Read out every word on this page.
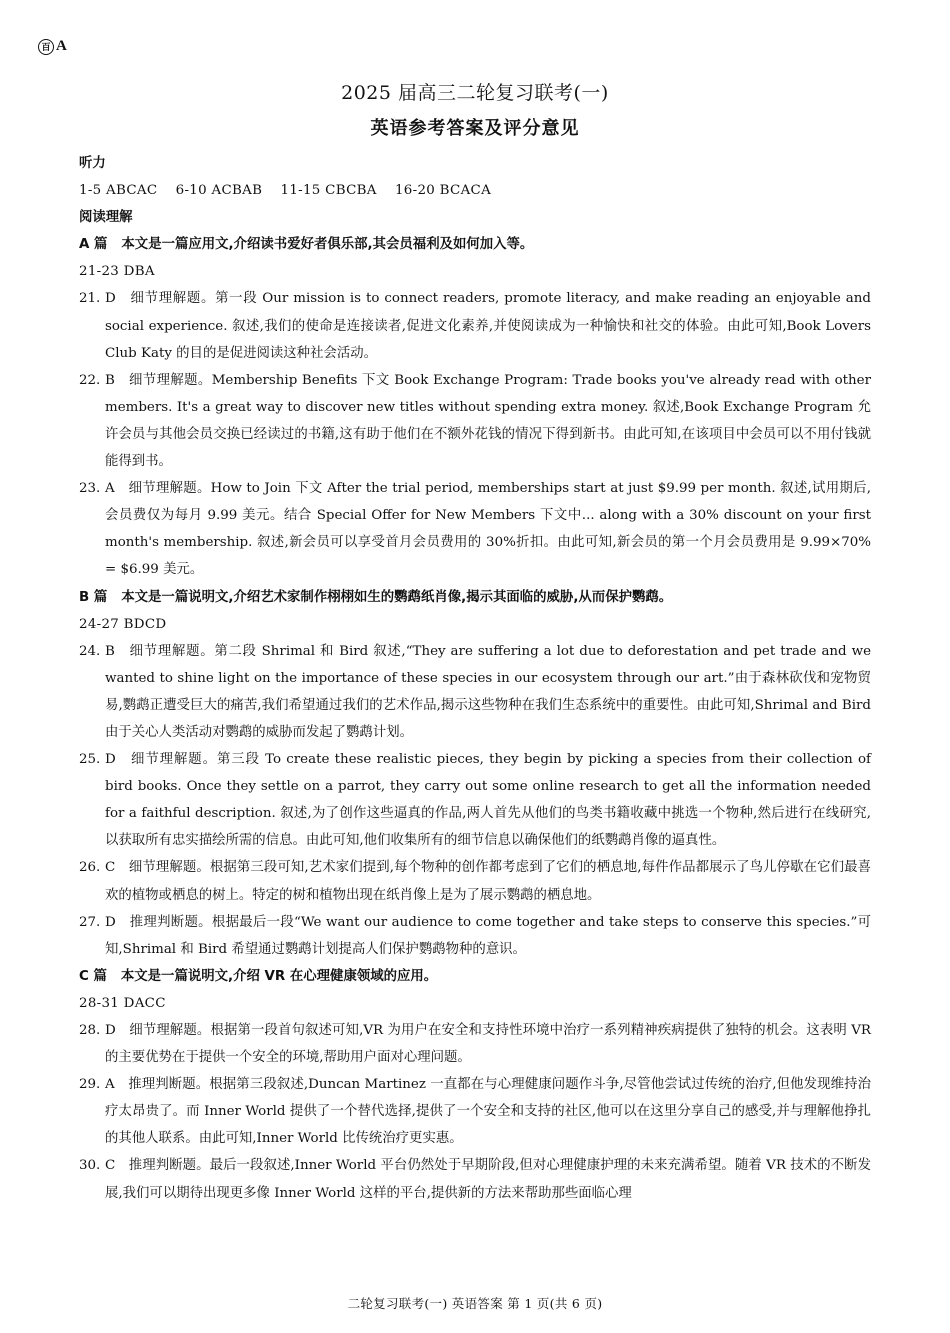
百 A
2025 届高三二轮复习联考(一)
英语参考答案及评分意见
听力
1-5 ABCAC    6-10 ACBAB    11-15 CBCBA    16-20 BCACA
阅读理解
A 篇 本文是一篇应用文,介绍读书爱好者俱乐部,其会员福利及如何加入等。
21-23 DBA
21. D　细节理解题。第一段 Our mission is to connect readers, promote literacy, and make reading an enjoyable and social experience. 叙述,我们的使命是连接读者,促进文化素养,并使阅读成为一种愉快和社交的体验。由此可知,Book Lovers Club Katy 的目的是促进阅读这种社会活动。
22. B　细节理解题。Membership Benefits 下文 Book Exchange Program: Trade books you've already read with other members. It's a great way to discover new titles without spending extra money. 叙述,Book Exchange Program 允许会员与其他会员交换已经读过的书籍,这有助于他们在不额外花钱的情况下得到新书。由此可知,在该项目中会员可以不用付钱就能得到书。
23. A　细节理解题。How to Join 下文 After the trial period, memberships start at just $9.99 per month. 叙述,试用期后,会员费仅为每月 9.99 美元。结合 Special Offer for New Members 下文中... along with a 30% discount on your first month's membership. 叙述,新会员可以享受首月会员费用的 30%折扣。由此可知,新会员的第一个月会员费用是 9.99×70% = $6.99 美元。
B 篇 本文是一篇说明文,介绍艺术家制作栩栩如生的鹦鹉纸肖像,揭示其面临的威胁,从而保护鹦鹉。
24-27 BDCD
24. B　细节理解题。第二段 Shrimal 和 Bird 叙述,“They are suffering a lot due to deforestation and pet trade and we wanted to shine light on the importance of these species in our ecosystem through our art.”由于森林砍伐和宠物贸易,鹦鹉正遭受巨大的痛苦,我们希望通过我们的艺术作品,揭示这些物种在我们生态系统中的重要性。由此可知,Shrimal and Bird 由于关心人类活动对鹦鹉的威胁而发起了鹦鹉计划。
25. D　细节理解题。第三段 To create these realistic pieces, they begin by picking a species from their collection of bird books. Once they settle on a parrot, they carry out some online research to get all the information needed for a faithful description. 叙述,为了创作这些逼真的作品,两人首先从他们的鸟类书籍收藏中挑选一个物种,然后进行在线研究,以获取所有忠实描绘所需的信息。由此可知,他们收集所有的细节信息以确保他们的纸鹦鹉肖像的逼真性。
26. C　细节理解题。根据第三段可知,艺术家们提到,每个物种的创作都考虑到了它们的栖息地,每件作品都展示了鸟儿停歇在它们最喜欢的植物或栖息的树上。特定的树和植物出现在纸肖像上是为了展示鹦鹉的栖息地。
27. D　推理判断题。根据最后一段“We want our audience to come together and take steps to conserve this species.”可知,Shrimal 和 Bird 希望通过鹦鹉计划提高人们保护鹦鹉物种的意识。
C 篇 本文是一篇说明文,介绍 VR 在心理健康领域的应用。
28-31 DACC
28. D　细节理解题。根据第一段首句叙述可知,VR 为用户在安全和支持性环境中治疗一系列精神疾病提供了独特的机会。这表明 VR 的主要优势在于提供一个安全的环境,帮助用户面对心理问题。
29. A　推理判断题。根据第三段叙述,Duncan Martinez 一直都在与心理健康问题作斗争,尽管他尝试过传统的治疗,但他发现维持治疗太昂贵了。而 Inner World 提供了一个替代选择,提供了一个安全和支持的社区,他可以在这里分享自己的感受,并与理解他挣扎的其他人联系。由此可知,Inner World 比传统治疗更实惠。
30. C　推理判断题。最后一段叙述,Inner World 平台仍然处于早期阶段,但对心理健康护理的未来充满希望。随着 VR 技术的不断发展,我们可以期待出现更多像 Inner World 这样的平台,提供新的方法来帮助那些面临心理
二轮复习联考(一) 英语答案 第 1 页(共 6 页)
